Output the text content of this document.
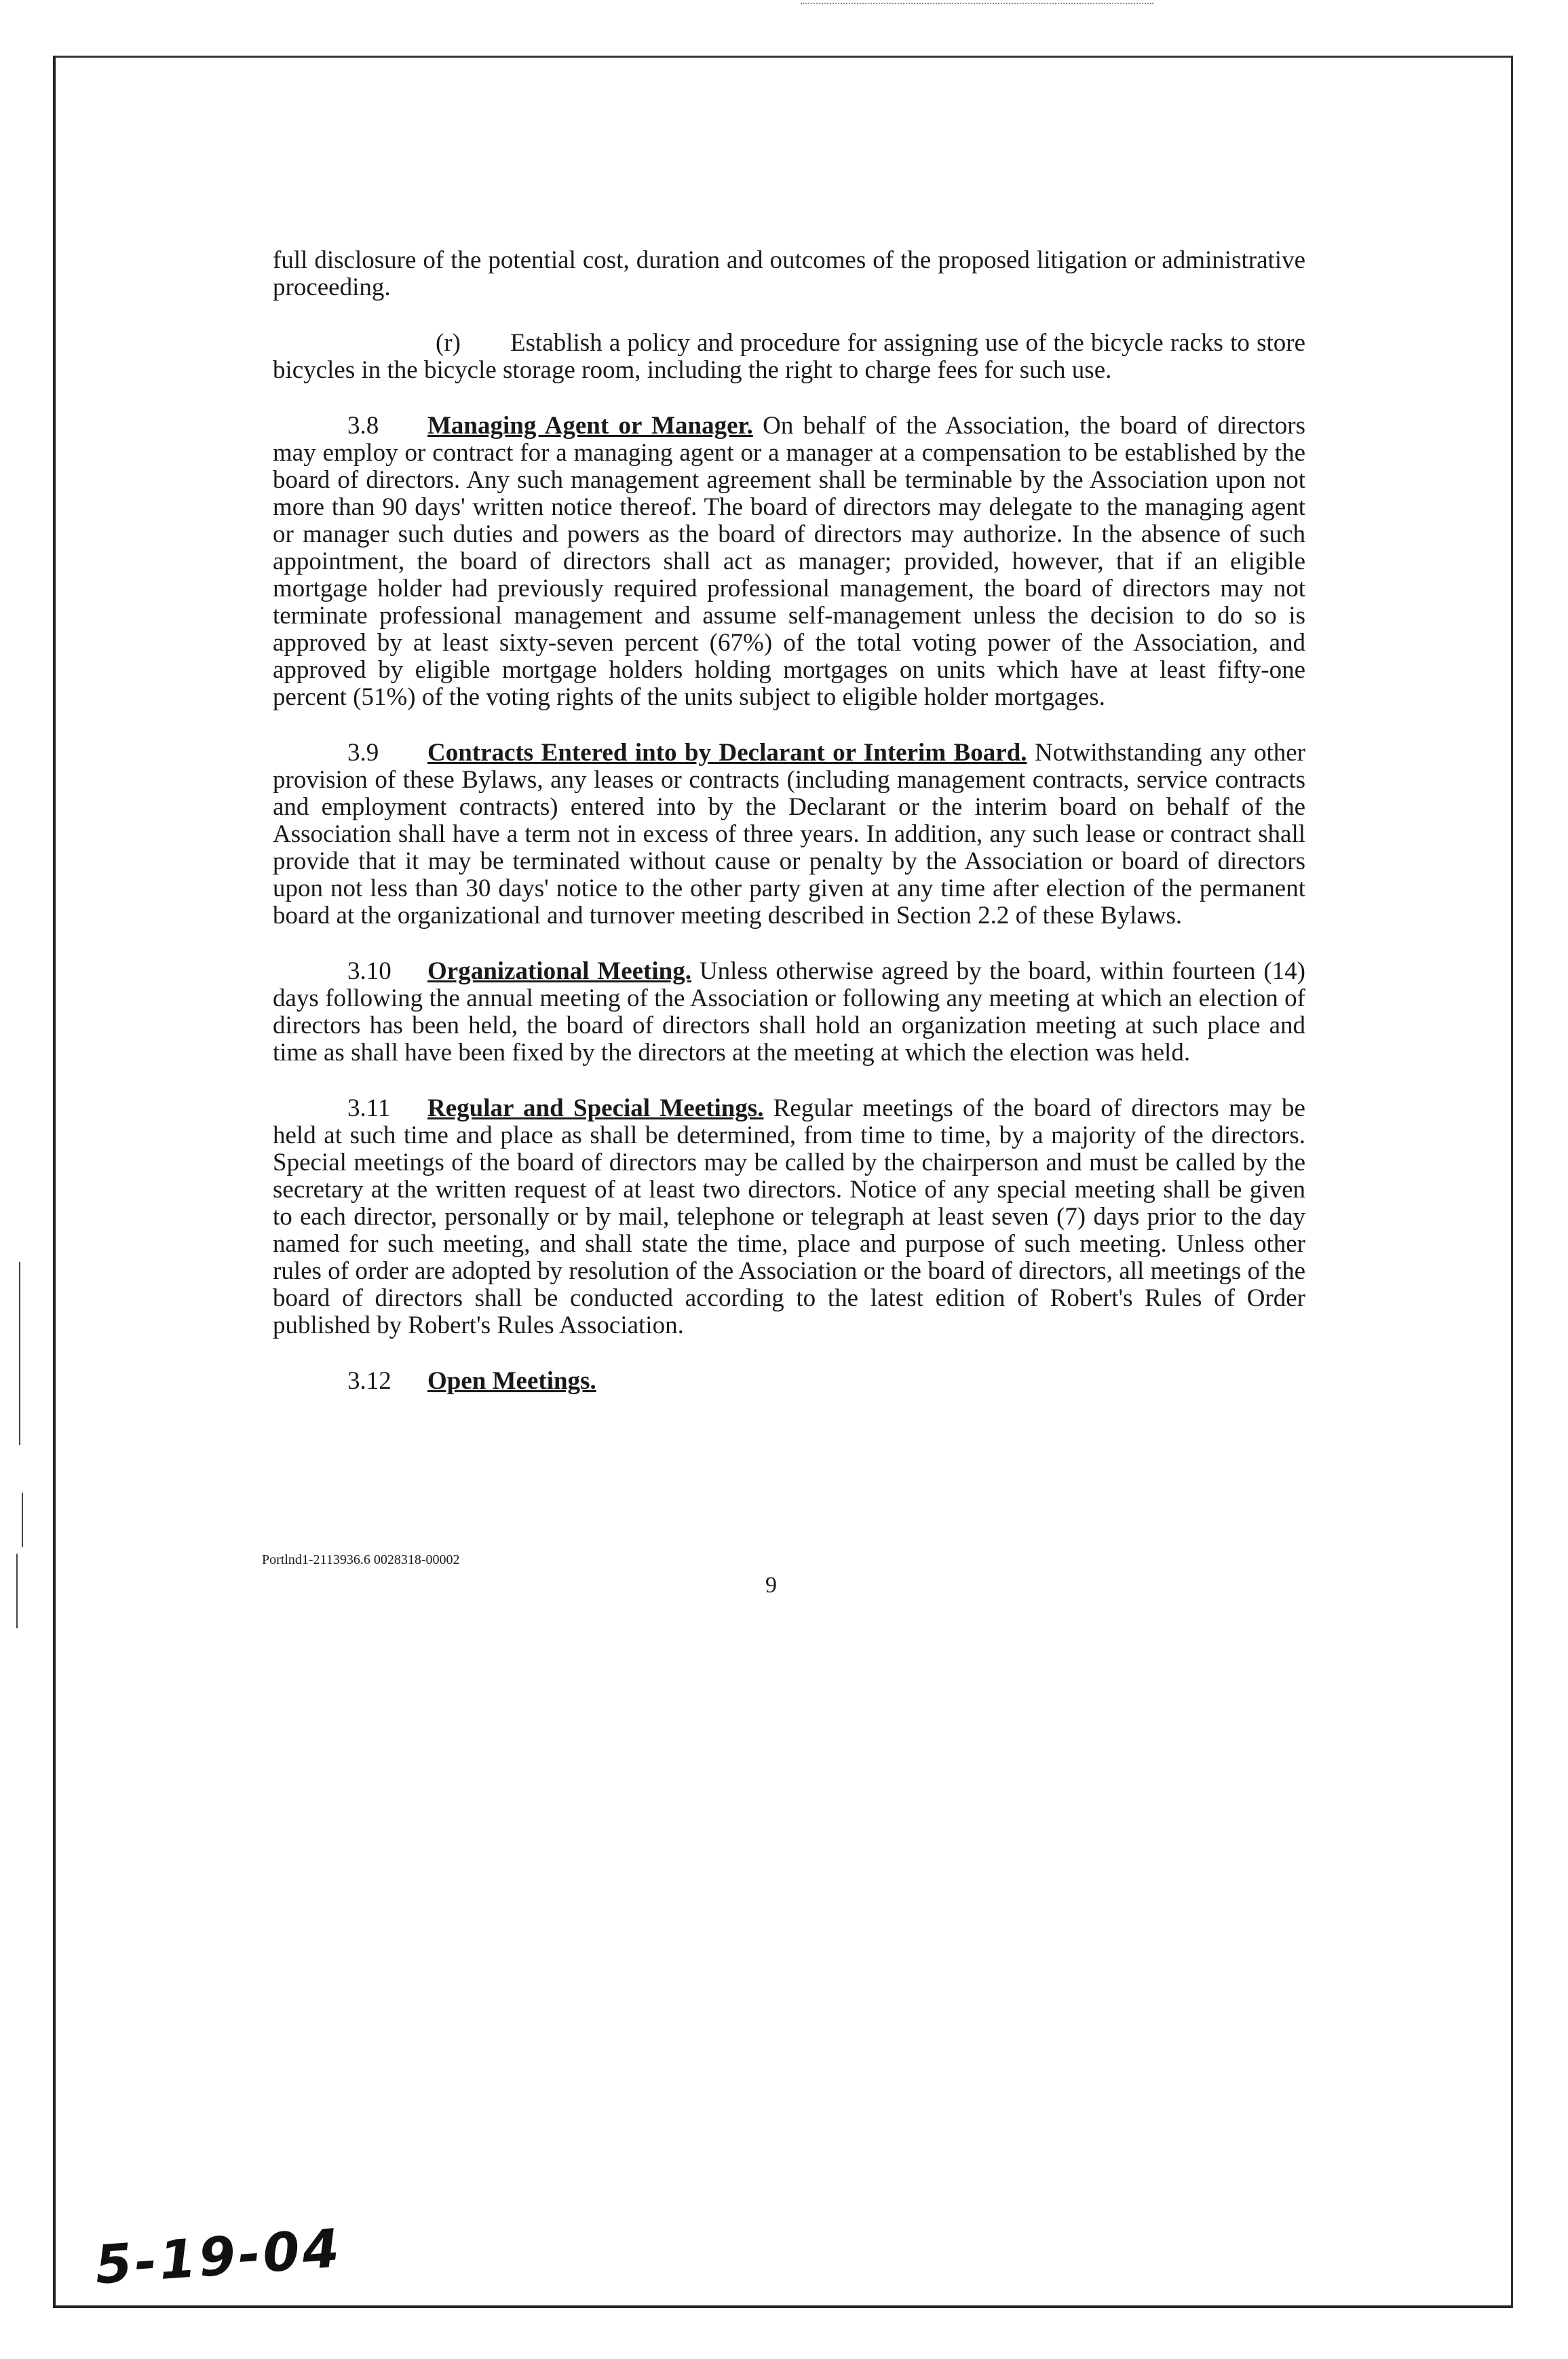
full disclosure of the potential cost, duration and outcomes of the proposed litigation or administrative proceeding.

(r) Establish a policy and procedure for assigning use of the bicycle racks to store bicycles in the bicycle storage room, including the right to charge fees for such use.

3.8 Managing Agent or Manager. On behalf of the Association, the board of directors may employ or contract for a managing agent or a manager at a compensation to be established by the board of directors. Any such management agreement shall be terminable by the Association upon not more than 90 days' written notice thereof. The board of directors may delegate to the managing agent or manager such duties and powers as the board of directors may authorize. In the absence of such appointment, the board of directors shall act as manager; provided, however, that if an eligible mortgage holder had previously required professional management, the board of directors may not terminate professional management and assume self-management unless the decision to do so is approved by at least sixty-seven percent (67%) of the total voting power of the Association, and approved by eligible mortgage holders holding mortgages on units which have at least fifty-one percent (51%) of the voting rights of the units subject to eligible holder mortgages.

3.9 Contracts Entered into by Declarant or Interim Board. Notwithstanding any other provision of these Bylaws, any leases or contracts (including management contracts, service contracts and employment contracts) entered into by the Declarant or the interim board on behalf of the Association shall have a term not in excess of three years. In addition, any such lease or contract shall provide that it may be terminated without cause or penalty by the Association or board of directors upon not less than 30 days' notice to the other party given at any time after election of the permanent board at the organizational and turnover meeting described in Section 2.2 of these Bylaws.

3.10 Organizational Meeting. Unless otherwise agreed by the board, within fourteen (14) days following the annual meeting of the Association or following any meeting at which an election of directors has been held, the board of directors shall hold an organization meeting at such place and time as shall have been fixed by the directors at the meeting at which the election was held.

3.11 Regular and Special Meetings. Regular meetings of the board of directors may be held at such time and place as shall be determined, from time to time, by a majority of the directors. Special meetings of the board of directors may be called by the chairperson and must be called by the secretary at the written request of at least two directors. Notice of any special meeting shall be given to each director, personally or by mail, telephone or telegraph at least seven (7) days prior to the day named for such meeting, and shall state the time, place and purpose of such meeting. Unless other rules of order are adopted by resolution of the Association or the board of directors, all meetings of the board of directors shall be conducted according to the latest edition of Robert's Rules of Order published by Robert's Rules Association.

3.12 Open Meetings.

Portlnd1-2113936.6 0028318-00002
9
5-19-04
